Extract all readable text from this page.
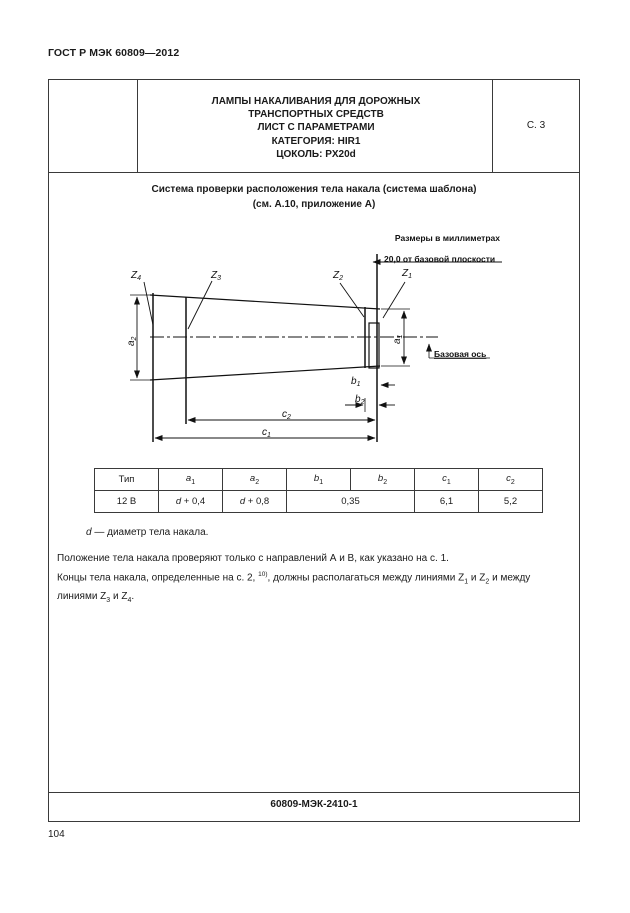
ГОСТ Р МЭК 60809—2012
ЛАМПЫ НАКАЛИВАНИЯ ДЛЯ ДОРОЖНЫХ
ТРАНСПОРТНЫХ СРЕДСТВ
ЛИСТ С ПАРАМЕТРАМИ
КАТЕГОРИЯ: HIR1
ЦОКОЛЬ: PX20d
С. 3
Система проверки расположения тела накала (система шаблона)
(см. А.10, приложение А)
Размеры в миллиметрах
20,0 от базовой плоскости
Базовая ось
$Z_4$	$Z_3$	$Z_2$	$Z_1$
$a_2$	$a_1$
$b_1$
$b_2$
$c_2$
$c_1$
Тип	$a_1$	$a_2$	$b_1$	$b_2$	$c_1$	$c_2$
12 В	d + 0,4	d + 0,8	0,35		6,1	5,2
d — диаметр тела накала.
Положение тела накала проверяют только с направлений А и В, как указано на с. 1.
Концы тела накала, определенные на с. 2, $^{10)}$, должны располагаться между линиями $Z_1$ и $Z_2$ и между
линиями $Z_3$ и $Z_4$.
60809-МЭК-2410-1
104
